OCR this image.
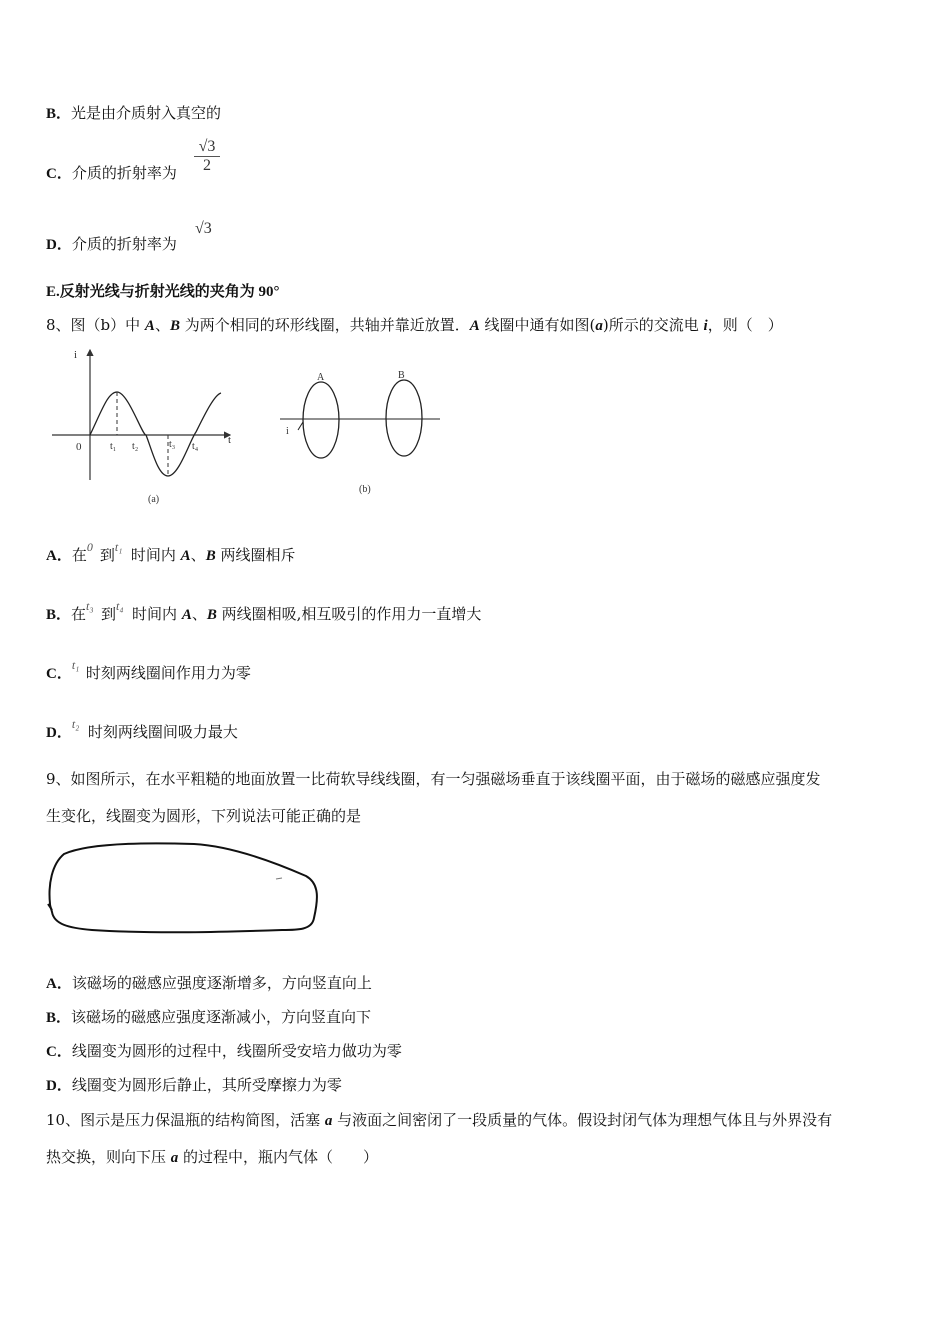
B．光是由介质射入真空的
C．介质的折射率为 $\frac{√3}{2}$
D．介质的折射率为
√3
E.反射光线与折射光线的夹角为 90°
8、图（b）中 A、B 为两个相同的环形线圈，共轴并靠近放置．A 线圈中通有如图(a)所示的交流电 i，则（　）
i
t
0	t₁ t₂	t₃ t₄
(a)
A	B
i
(b)
A．在0 到t₁ 时间内 A、B 两线圈相斥
B．在t₃ 到t₄ 时间内 A、B 两线圈相吸,相互吸引的作用力一直增大
C．t₁ 时刻两线圈间作用力为零
D．t₂ 时刻两线圈间吸力最大
9、如图所示，在水平粗糙的地面放置一比荷软导线线圈，有一匀强磁场垂直于该线圈平面，由于磁场的磁感应强度发
生变化，线圈变为圆形，下列说法可能正确的是
A．该磁场的磁感应强度逐渐增多，方向竖直向上
B．该磁场的磁感应强度逐渐减小，方向竖直向下
C．线圈变为圆形的过程中，线圈所受安培力做功为零
D．线圈变为圆形后静止，其所受摩擦力为零
10、图示是压力保温瓶的结构简图，活塞 a 与液面之间密闭了一段质量的气体。假设封闭气体为理想气体且与外界没有
热交换，则向下压 a 的过程中，瓶内气体（　　）
